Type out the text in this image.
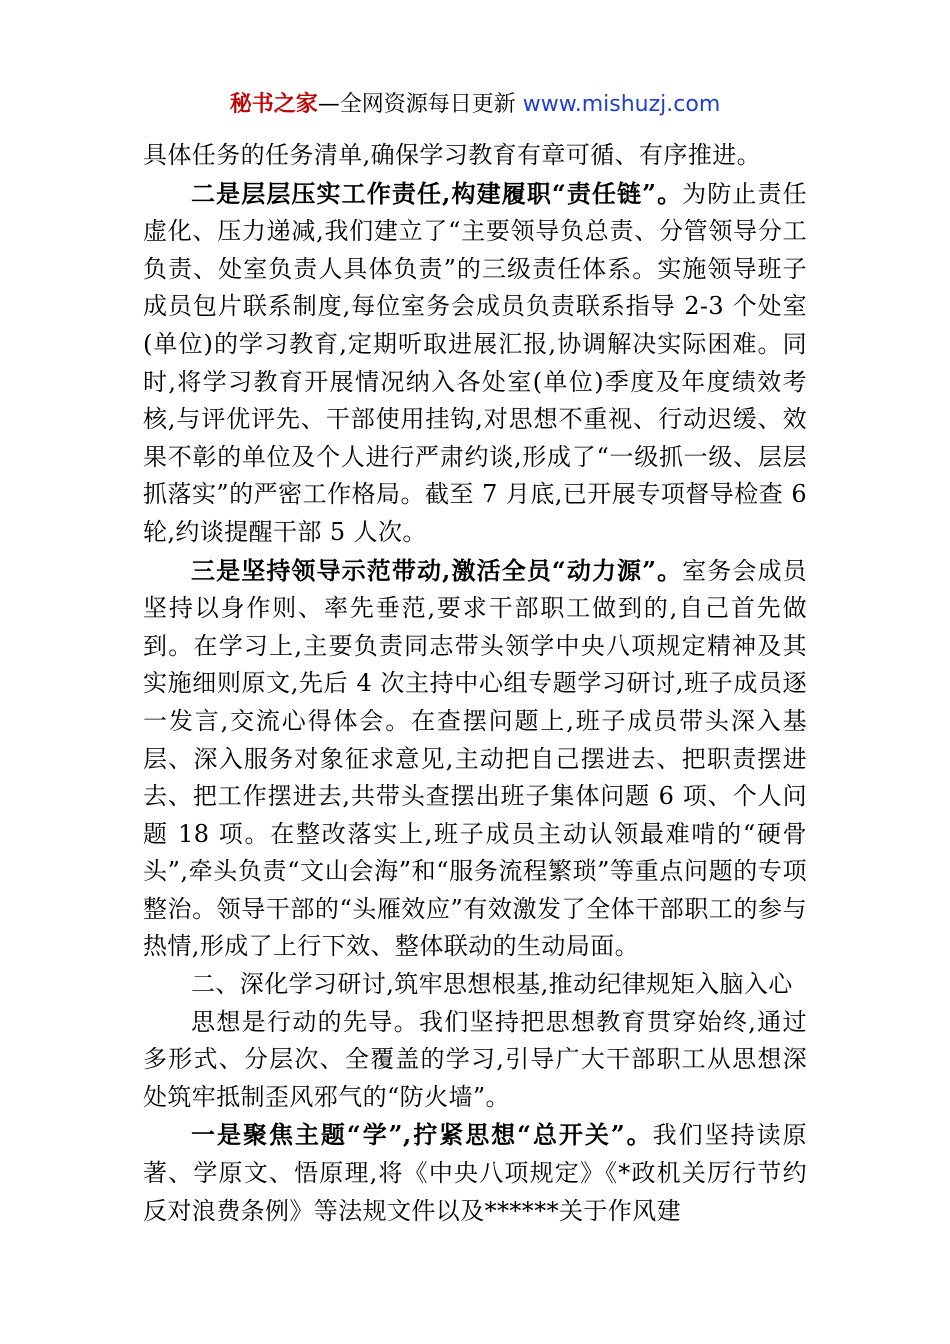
秘书之家—全网资源每日更新 www.mishuzj.com

具体任务的任务清单,确保学习教育有章可循、有序推进。

二是层层压实工作责任,构建履职“责任链”。为防止责任虚化、压力递减,我们建立了“主要领导负总责、分管领导分工负责、处室负责人具体负责”的三级责任体系。实施领导班子成员包片联系制度,每位室务会成员负责联系指导 2-3 个处室(单位)的学习教育,定期听取进展汇报,协调解决实际困难。同时,将学习教育开展情况纳入各处室(单位)季度及年度绩效考核,与评优评先、干部使用挂钩,对思想不重视、行动迟缓、效果不彰的单位及个人进行严肃约谈,形成了“一级抓一级、层层抓落实”的严密工作格局。截至 7 月底,已开展专项督导检查 6 轮,约谈提醒干部 5 人次。

三是坚持领导示范带动,激活全员“动力源”。室务会成员坚持以身作则、率先垂范,要求干部职工做到的,自己首先做到。在学习上,主要负责同志带头领学中央八项规定精神及其实施细则原文,先后 4 次主持中心组专题学习研讨,班子成员逐一发言,交流心得体会。在查摆问题上,班子成员带头深入基层、深入服务对象征求意见,主动把自己摆进去、把职责摆进去、把工作摆进去,共带头查摆出班子集体问题 6 项、个人问题 18 项。在整改落实上,班子成员主动认领最难啃的“硬骨头”,牵头负责“文山会海”和“服务流程繁琐”等重点问题的专项整治。领导干部的“头雁效应”有效激发了全体干部职工的参与热情,形成了上行下效、整体联动的生动局面。

二、深化学习研讨,筑牢思想根基,推动纪律规矩入脑入心

思想是行动的先导。我们坚持把思想教育贯穿始终,通过多形式、分层次、全覆盖的学习,引导广大干部职工从思想深处筑牢抵制歪风邪气的“防火墙”。

一是聚焦主题“学”,拧紧思想“总开关”。我们坚持读原著、学原文、悟原理,将《中央八项规定》《*政机关厉行节约反对浪费条例》等法规文件以及******关于作风建
